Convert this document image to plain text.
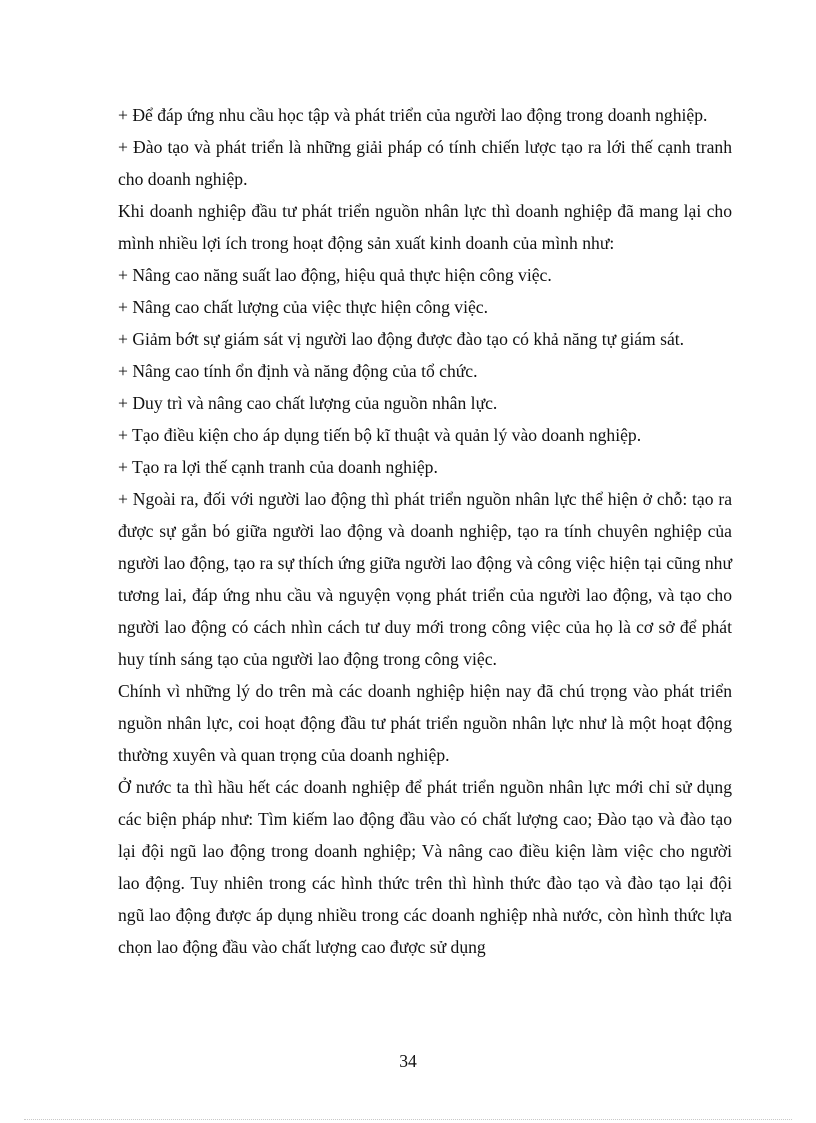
+ Để đáp ứng nhu cầu học tập và phát triển của người lao động trong doanh nghiệp.

+ Đào tạo và phát triển là những giải pháp có tính chiến lược tạo ra lới thế cạnh tranh cho doanh nghiệp.

Khi doanh nghiệp đầu tư phát triển nguồn nhân lực thì doanh nghiệp đã mang lại cho mình nhiều lợi ích trong hoạt động sản xuất kinh doanh của mình như:

+ Nâng cao năng suất lao động, hiệu quả thực hiện công việc.

+ Nâng cao chất lượng của việc thực hiện công việc.

+ Giảm bớt sự giám sát vị người lao động được đào tạo có khả năng tự giám sát.

+ Nâng cao tính ổn định và năng động của tổ chức.

+ Duy trì và nâng cao chất lượng của nguồn nhân lực.

+ Tạo điều kiện cho áp dụng tiến bộ kĩ thuật và quản lý vào doanh nghiệp.

+ Tạo ra lợi thế cạnh tranh của doanh nghiệp.

+ Ngoài ra, đối với người lao động thì phát triển nguồn nhân lực thể hiện ở chỗ: tạo ra được sự gắn bó giữa người lao động và doanh nghiệp, tạo ra tính chuyên nghiệp của người lao động, tạo ra sự thích ứng giữa người lao động và công việc hiện tại cũng như tương lai, đáp ứng nhu cầu và nguyện vọng phát triển của người lao động, và tạo cho người lao động có cách nhìn cách tư duy mới trong công việc của họ là cơ sở để phát huy tính sáng tạo của người lao động trong công việc.

Chính vì những lý do trên mà các doanh nghiệp hiện nay đã chú trọng vào phát triển nguồn nhân lực, coi hoạt động đầu tư phát triển nguồn nhân lực như là một hoạt động thường xuyên và quan trọng của doanh nghiệp.

Ở nước ta thì hầu hết các doanh nghiệp để phát triển nguồn nhân lực mới chỉ sử dụng các biện pháp như: Tìm kiếm lao động đầu vào có chất lượng cao; Đào tạo và đào tạo lại đội ngũ lao động trong doanh nghiệp; Và nâng cao điều kiện làm việc cho người lao động. Tuy nhiên trong các hình thức trên thì hình thức đào tạo và đào tạo lại đội ngũ lao động được áp dụng nhiều trong các doanh nghiệp nhà nước, còn hình thức lựa chọn lao động đầu vào chất lượng cao được sử dụng

34
